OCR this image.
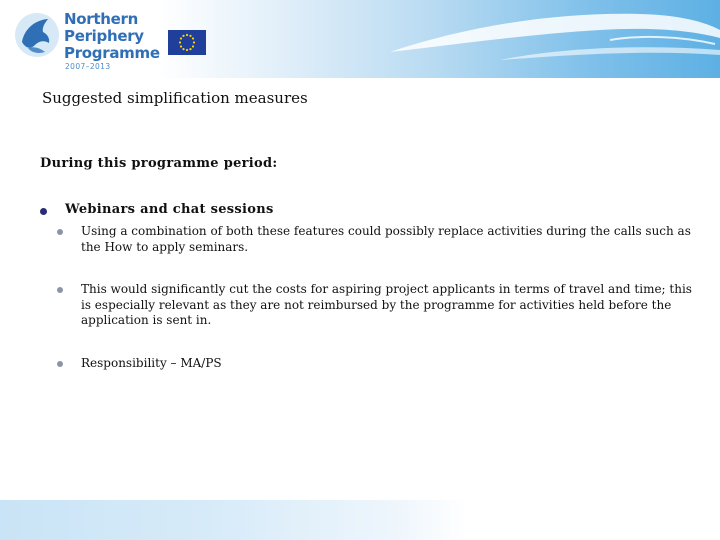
Northern
Periphery
Programme
2007–2013
Suggested simplification measures
During this programme period:
Webinars and chat sessions
Using a combination of both these features could possibly replace activities during the calls such as the How to apply seminars.
This would significantly cut the costs for aspiring project applicants in terms of travel and time; this is especially relevant as they are not reimbursed by the programme for activities held before the application is sent in.
Responsibility – MA/PS
